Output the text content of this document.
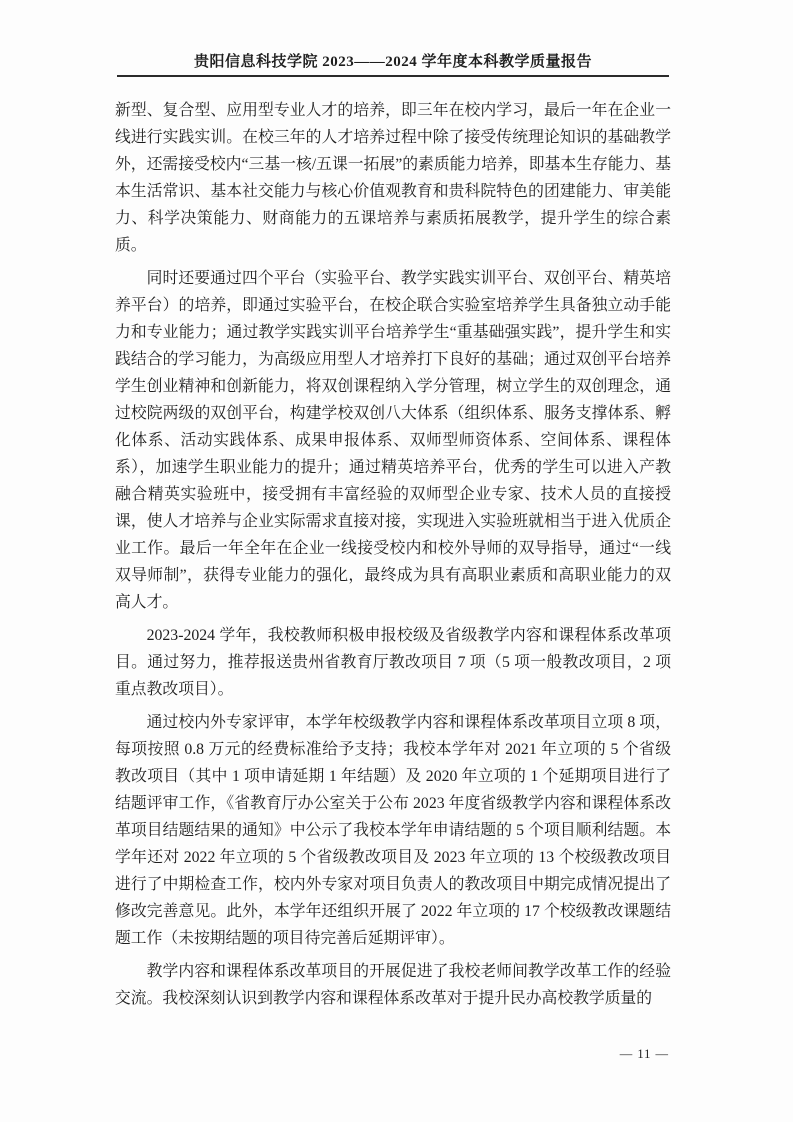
贵阳信息科技学院 2023——2024 学年度本科教学质量报告

新型、复合型、应用型专业人才的培养，即三年在校内学习，最后一年在企业一线进行实践实训。在校三年的人才培养过程中除了接受传统理论知识的基础教学外，还需接受校内“三基一核/五课一拓展”的素质能力培养，即基本生存能力、基本生活常识、基本社交能力与核心价值观教育和贵科院特色的团建能力、审美能力、科学决策能力、财商能力的五课培养与素质拓展教学，提升学生的综合素质。

同时还要通过四个平台（实验平台、教学实践实训平台、双创平台、精英培养平台）的培养，即通过实验平台，在校企联合实验室培养学生具备独立动手能力和专业能力；通过教学实践实训平台培养学生“重基础强实践”，提升学生和实践结合的学习能力，为高级应用型人才培养打下良好的基础；通过双创平台培养学生创业精神和创新能力，将双创课程纳入学分管理，树立学生的双创理念，通过校院两级的双创平台，构建学校双创八大体系（组织体系、服务支撑体系、孵化体系、活动实践体系、成果申报体系、双师型师资体系、空间体系、课程体系），加速学生职业能力的提升；通过精英培养平台，优秀的学生可以进入产教融合精英实验班中，接受拥有丰富经验的双师型企业专家、技术人员的直接授课，使人才培养与企业实际需求直接对接，实现进入实验班就相当于进入优质企业工作。最后一年全年在企业一线接受校内和校外导师的双导指导，通过“一线双导师制”，获得专业能力的强化，最终成为具有高职业素质和高职业能力的双高人才。

2023-2024 学年，我校教师积极申报校级及省级教学内容和课程体系改革项目。通过努力，推荐报送贵州省教育厅教改项目 7 项（5 项一般教改项目，2 项重点教改项目）。

通过校内外专家评审，本学年校级教学内容和课程体系改革项目立项 8 项，每项按照 0.8 万元的经费标准给予支持；我校本学年对 2021 年立项的 5 个省级教改项目（其中 1 项申请延期 1 年结题）及 2020 年立项的 1 个延期项目进行了结题评审工作，《省教育厅办公室关于公布 2023 年度省级教学内容和课程体系改革项目结题结果的通知》中公示了我校本学年申请结题的 5 个项目顺利结题。本学年还对 2022 年立项的 5 个省级教改项目及 2023 年立项的 13 个校级教改项目进行了中期检查工作，校内外专家对项目负责人的教改项目中期完成情况提出了修改完善意见。此外，本学年还组织开展了 2022 年立项的 17 个校级教改课题结题工作（未按期结题的项目待完善后延期评审）。

教学内容和课程体系改革项目的开展促进了我校老师间教学改革工作的经验交流。我校深刻认识到教学内容和课程体系改革对于提升民办高校教学质量的

— 11 —
